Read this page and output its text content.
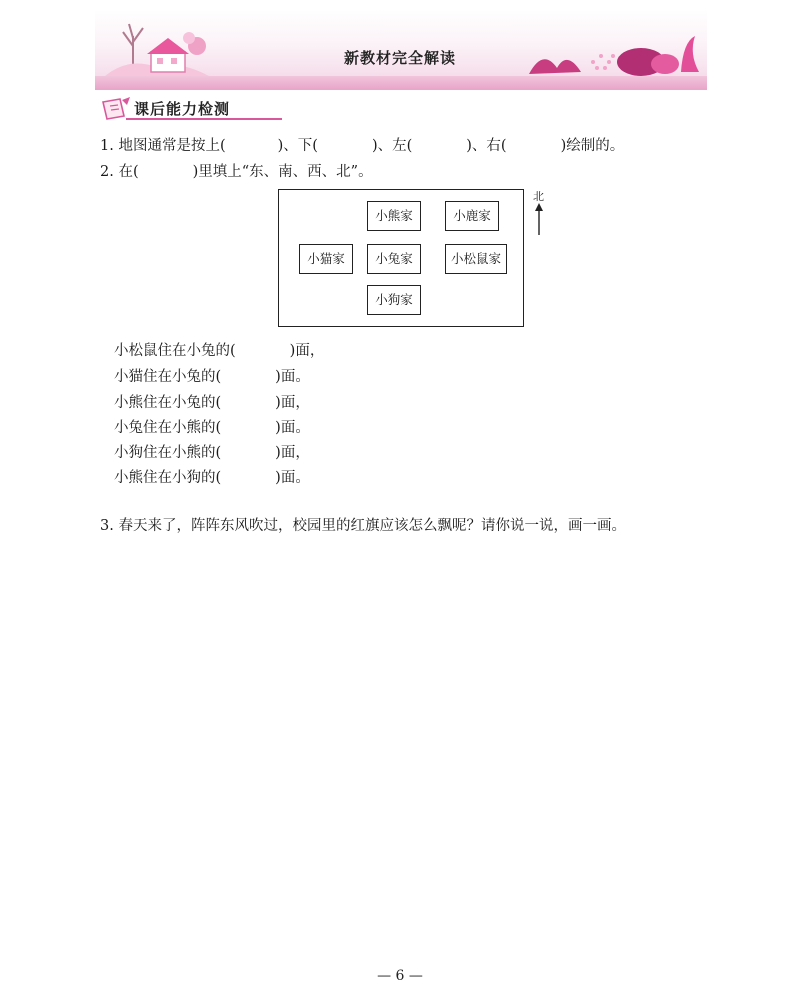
新教材完全解读
课后能力检测
1. 地图通常是按上(	)、下(	)、左(	)、右(	)绘制的。
2. 在(	)里填上“东、南、西、北”。
小熊家	小鹿家
小猫家	小兔家	小松鼠家
小狗家
北
小松鼠住在小兔的(	)面，
小猫住在小兔的(	)面。
小熊住在小兔的(	)面，
小兔住在小熊的(	)面。
小狗住在小熊的(	)面，
小熊住在小狗的(	)面。
3. 春天来了，阵阵东风吹过，校园里的红旗应该怎么飘呢？请你说一说，画一画。
— 6 —
